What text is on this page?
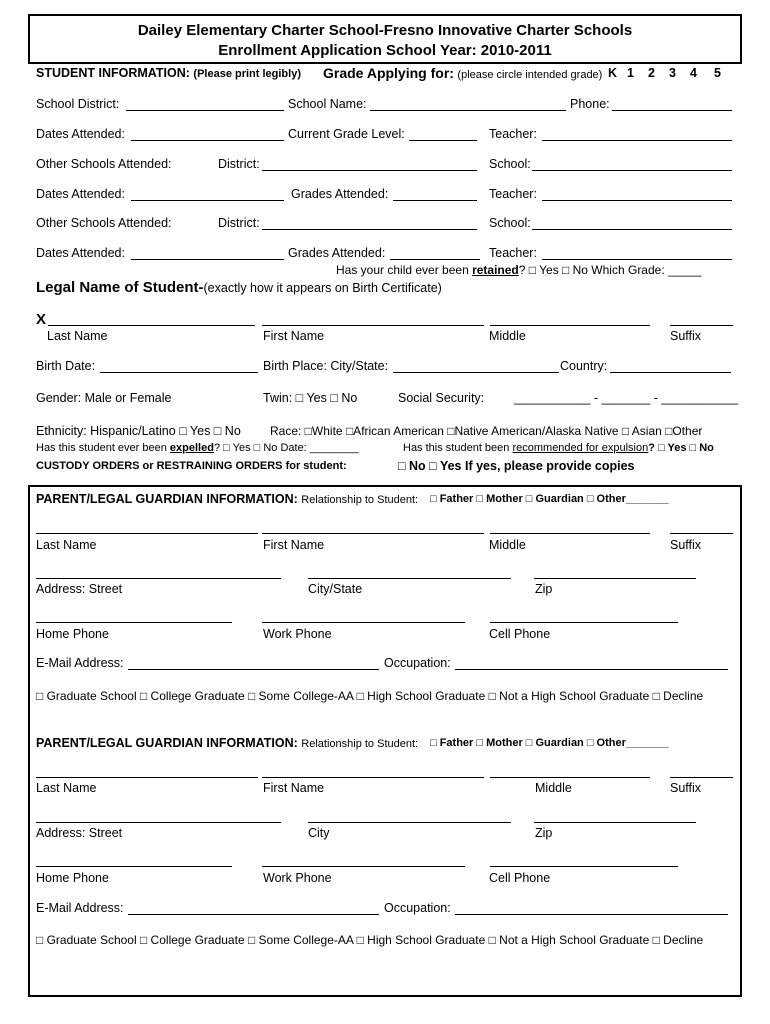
Dailey Elementary Charter School-Fresno Innovative Charter Schools
Enrollment Application School Year: 2010-2011
STUDENT INFORMATION: (Please print legibly) Grade Applying for: (please circle intended grade) K 1 2 3 4 5
School District:	School Name:	Phone:
Dates Attended:	Current Grade Level:	Teacher:
Other Schools Attended:	District:	School:
Dates Attended:	Grades Attended:	Teacher:
Other Schools Attended:	District:	School:
Dates Attended:	Grades Attended:	Teacher:
Has your child ever been retained? □ Yes □ No Which Grade: _____
Legal Name of Student-(exactly how it appears on Birth Certificate)
X
Last Name	First Name	Middle	Suffix
Birth Date:	Birth Place: City/State:	Country:
Gender: Male or Female	Twin: □ Yes □ No	Social Security: ___________ - _______ - ___________
Ethnicity: Hispanic/Latino □ Yes □ No Race: □White □African American □Native American/Alaska Native □ Asian □Other
Has this student ever been expelled? □ Yes □ No Date: ________	Has this student been recommended for expulsion? □ Yes □ No
CUSTODY ORDERS or RESTRAINING ORDERS for student:	□ No □ Yes If yes, please provide copies
PARENT/LEGAL GUARDIAN INFORMATION: Relationship to Student: □ Father □ Mother □ Guardian □ Other_______
Last Name	First Name	Middle	Suffix
Address: Street	City/State	Zip
Home Phone	Work Phone	Cell Phone
E-Mail Address:	Occupation:
□ Graduate School □ College Graduate □ Some College-AA □ High School Graduate □ Not a High School Graduate □ Decline
PARENT/LEGAL GUARDIAN INFORMATION: Relationship to Student: □ Father □ Mother □ Guardian □ Other_______
Last Name	First Name	Middle	Suffix
Address: Street	City	Zip
Home Phone	Work Phone	Cell Phone
E-Mail Address:	Occupation:
□ Graduate School □ College Graduate □ Some College-AA □ High School Graduate □ Not a High School Graduate □ Decline
